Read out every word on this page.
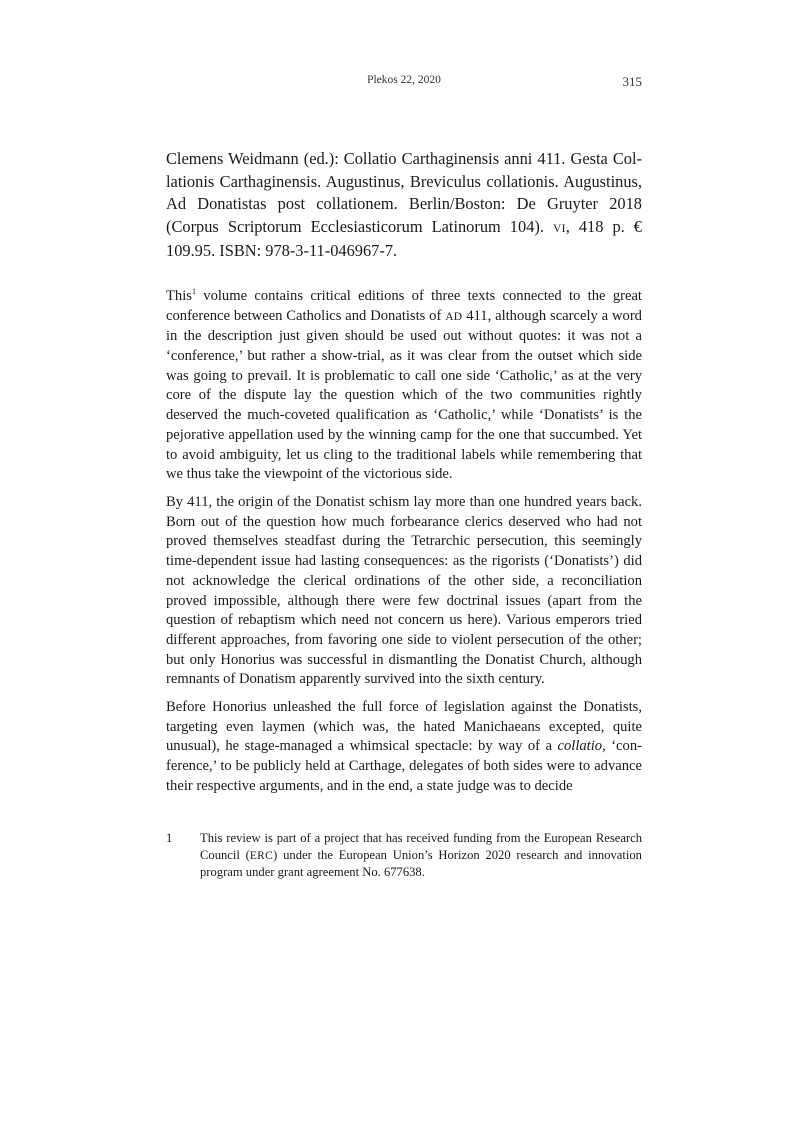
Plekos 22, 2020	315

Clemens Weidmann (ed.): Collatio Carthaginensis anni 411. Gesta Collationis Carthaginensis. Augustinus, Breviculus collationis. Augustinus, Ad Donatistas post collationem. Berlin/Boston: De Gruyter 2018 (Corpus Scriptorum Ecclesiasticorum Latinorum 104). VI, 418 p. € 109.95. ISBN: 978-3-11-046967-7.

This$^1$ volume contains critical editions of three texts connected to the great conference between Catholics and Donatists of AD 411, although scarcely a word in the description just given should be used out without quotes: it was not a ‘conference,’ but rather a show-trial, as it was clear from the outset which side was going to prevail. It is problematic to call one side ‘Catholic,’ as at the very core of the dispute lay the question which of the two communities rightly deserved the much-coveted qualification as ‘Catholic,’ while ‘Donatists’ is the pejorative appellation used by the winning camp for the one that succumbed. Yet to avoid ambiguity, let us cling to the traditional labels while remembering that we thus take the viewpoint of the victorious side.

By 411, the origin of the Donatist schism lay more than one hundred years back. Born out of the question how much forbearance clerics deserved who had not proved themselves steadfast during the Tetrarchic persecution, this seemingly time-dependent issue had lasting consequences: as the rigorists (‘Donatists’) did not acknowledge the clerical ordinations of the other side, a reconciliation proved impossible, although there were few doctrinal issues (apart from the question of rebaptism which need not concern us here). Various emperors tried different approaches, from favoring one side to violent persecution of the other; but only Honorius was successful in dismantling the Donatist Church, although remnants of Donatism apparently survived into the sixth century.

Before Honorius unleashed the full force of legislation against the Donatists, targeting even laymen (which was, the hated Manichaeans excepted, quite unusual), he stage-managed a whimsical spectacle: by way of a collatio, ‘conference,’ to be publicly held at Carthage, delegates of both sides were to advance their respective arguments, and in the end, a state judge was to decide

1 This review is part of a project that has received funding from the European Research Council (ERC) under the European Union’s Horizon 2020 research and innovation program under grant agreement No. 677638.
